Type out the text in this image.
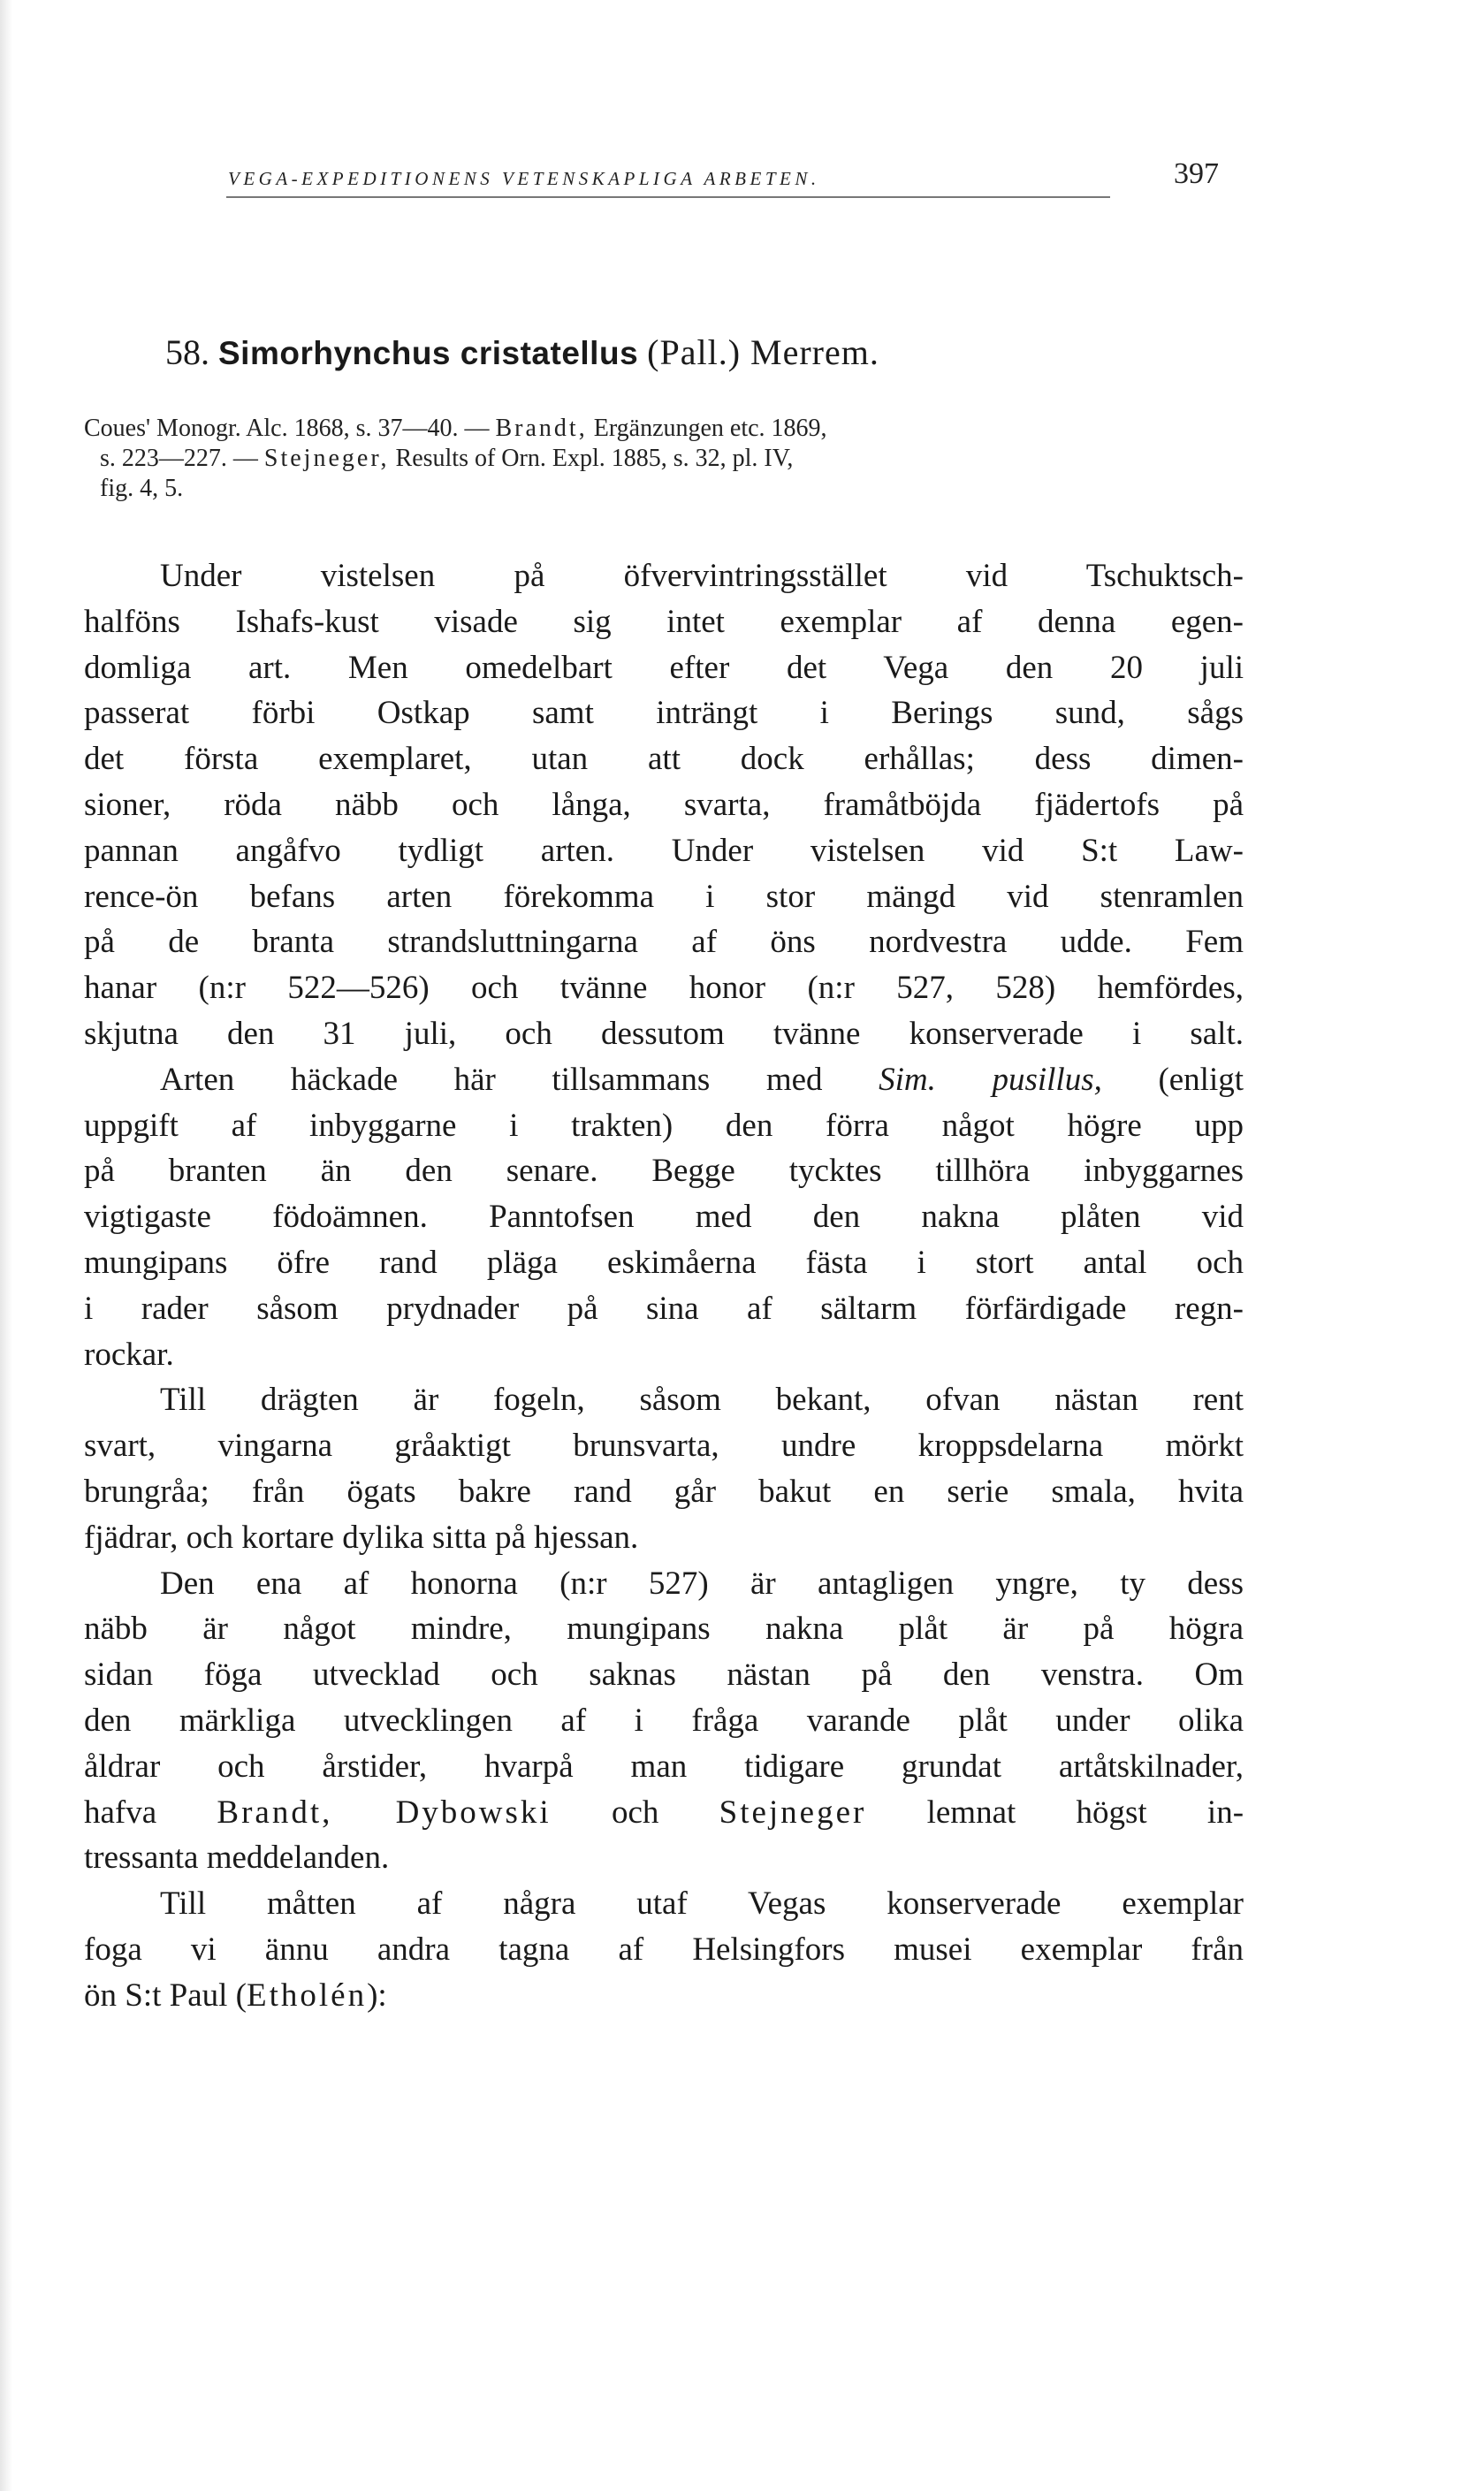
VEGA-EXPEDITIONENS VETENSKAPLIGA ARBETEN.	397
58. Simorhynchus cristatellus (Pall.) Merrem.
Coues' Monogr. Alc. 1868, s. 37—40. — Brandt, Ergänzungen etc. 1869,
s. 223—227. — Stejneger, Results of Orn. Expl. 1885, s. 32, pl. IV,
fig. 4, 5.
Under vistelsen på öfvervintringsstället vid Tschuktsch-
halföns Ishafs-kust visade sig intet exemplar af denna egen-
domliga art. Men omedelbart efter det Vega den 20 juli
passerat förbi Ostkap samt inträngt i Berings sund, sågs
det första exemplaret, utan att dock erhållas; dess dimen-
sioner, röda näbb och långa, svarta, framåtböjda fjädertofs på
pannan angåfvo tydligt arten. Under vistelsen vid S:t Law-
rence-ön befans arten förekomma i stor mängd vid stenramlen
på de branta strandsluttningarna af öns nordvestra udde. Fem
hanar (n:r 522—526) och tvänne honor (n:r 527, 528) hemfördes,
skjutna den 31 juli, och dessutom tvänne konserverade i salt.
Arten häckade här tillsammans med Sim. pusillus, (enligt
uppgift af inbyggarne i trakten) den förra något högre upp
på branten än den senare. Begge tycktes tillhöra inbyggarnes
vigtigaste födoämnen. Panntofsen med den nakna plåten vid
mungipans öfre rand pläga eskimåerna fästa i stort antal och
i rader såsom prydnader på sina af sältarm förfärdigade regn-
rockar.
Till drägten är fogeln, såsom bekant, ofvan nästan rent
svart, vingarna gråaktigt brunsvarta, undre kroppsdelarna mörkt
brungråa; från ögats bakre rand går bakut en serie smala, hvita
fjädrar, och kortare dylika sitta på hjessan.
Den ena af honorna (n:r 527) är antagligen yngre, ty dess
näbb är något mindre, mungipans nakna plåt är på högra
sidan föga utvecklad och saknas nästan på den venstra. Om
den märkliga utvecklingen af i fråga varande plåt under olika
åldrar och årstider, hvarpå man tidigare grundat artåtskilnader,
hafva Brandt, Dybowski och Stejneger lemnat högst in-
tressanta meddelanden.
Till måtten af några utaf Vegas konserverade exemplar
foga vi ännu andra tagna af Helsingfors musei exemplar från
ön S:t Paul (Etholén):
